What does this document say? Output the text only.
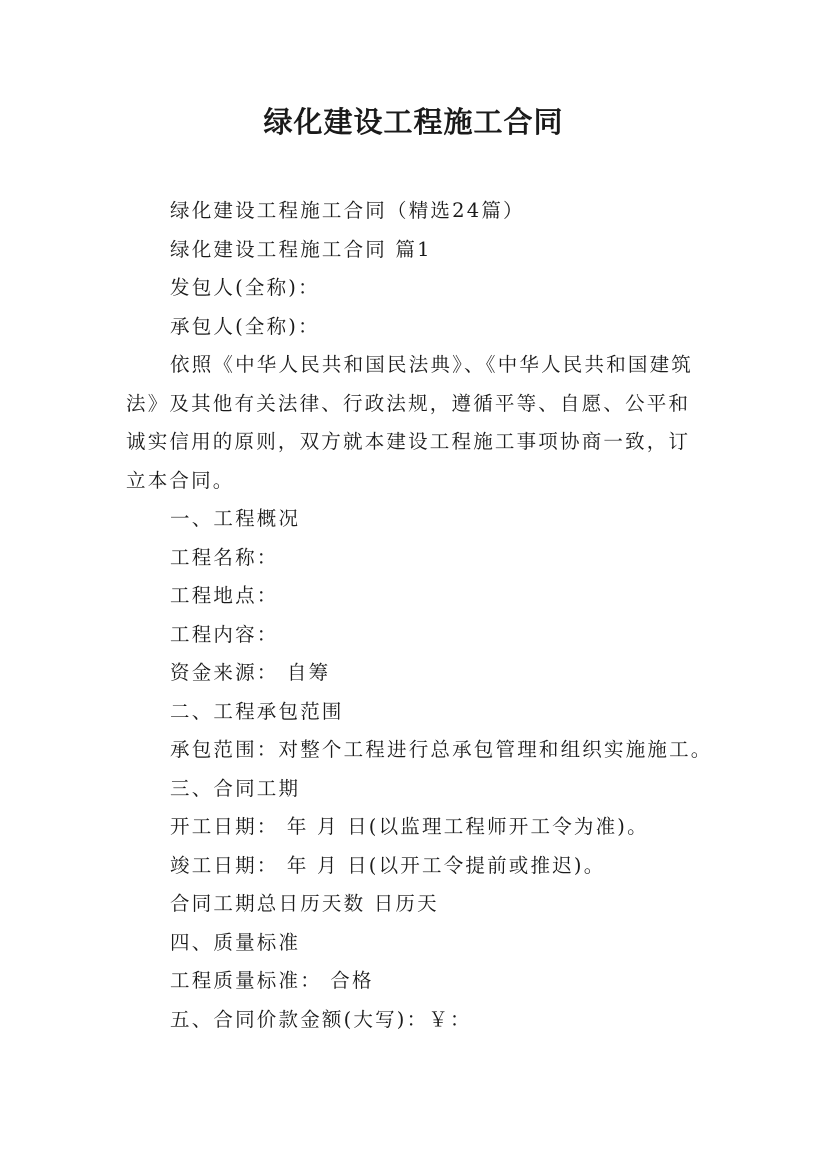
绿化建设工程施工合同
绿化建设工程施工合同（精选24篇）
绿化建设工程施工合同 篇1
发包人(全称)：
承包人(全称)：
依照《中华人民共和国民法典》、《中华人民共和国建筑
法》及其他有关法律、行政法规，遵循平等、自愿、公平和
诚实信用的原则，双方就本建设工程施工事项协商一致，订
立本合同。
一、工程概况
工程名称：
工程地点：
工程内容：
资金来源： 自筹
二、工程承包范围
承包范围：对整个工程进行总承包管理和组织实施施工。
三、合同工期
开工日期： 年 月 日(以监理工程师开工令为准)。
竣工日期： 年 月 日(以开工令提前或推迟)。
合同工期总日历天数 日历天
四、质量标准
工程质量标准： 合格
五、合同价款金额(大写)：￥：
